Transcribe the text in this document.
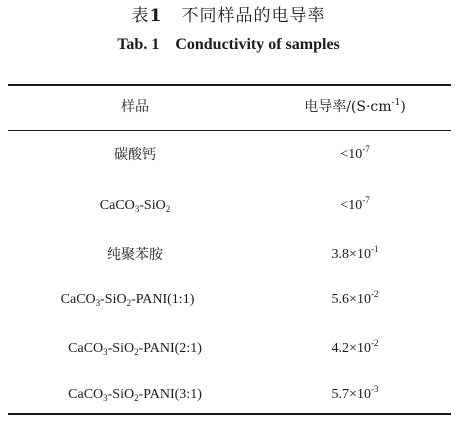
表1 不同样品的电导率
Tab. 1    Conductivity of samples
样品	电导率$/(S\cdot cm^{-1})$
碳酸钙	$<10^{-7}$
CaCO$_3$-SiO$_2$	$<10^{-7}$
纯聚苯胺	$3.8\times 10^{-1}$
CaCO$_3$-SiO$_2$-PANI(1:1)	$5.6\times 10^{-2}$
CaCO$_3$-SiO$_2$-PANI(2:1)	$4.2\times 10^{-2}$
CaCO$_3$-SiO$_2$-PANI(3:1)	$5.7\times 10^{-3}$
